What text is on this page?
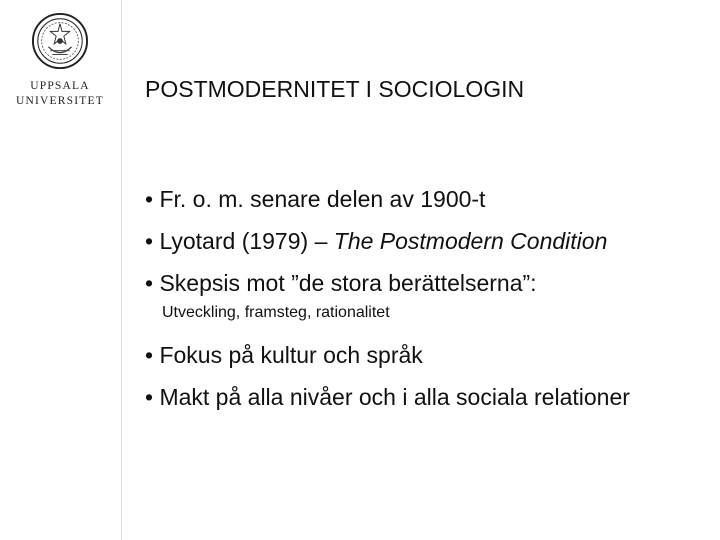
UPPSALA
UNIVERSITET POSTMODERNITET I SOCIOLOGIN
• Fr. o. m. senare delen av 1900-t
• Lyotard (1979) – The Postmodern Condition
• Skepsis mot ”de stora berättelserna”:
Utveckling, framsteg, rationalitet
• Fokus på kultur och språk
• Makt på alla nivåer och i alla sociala relationer
